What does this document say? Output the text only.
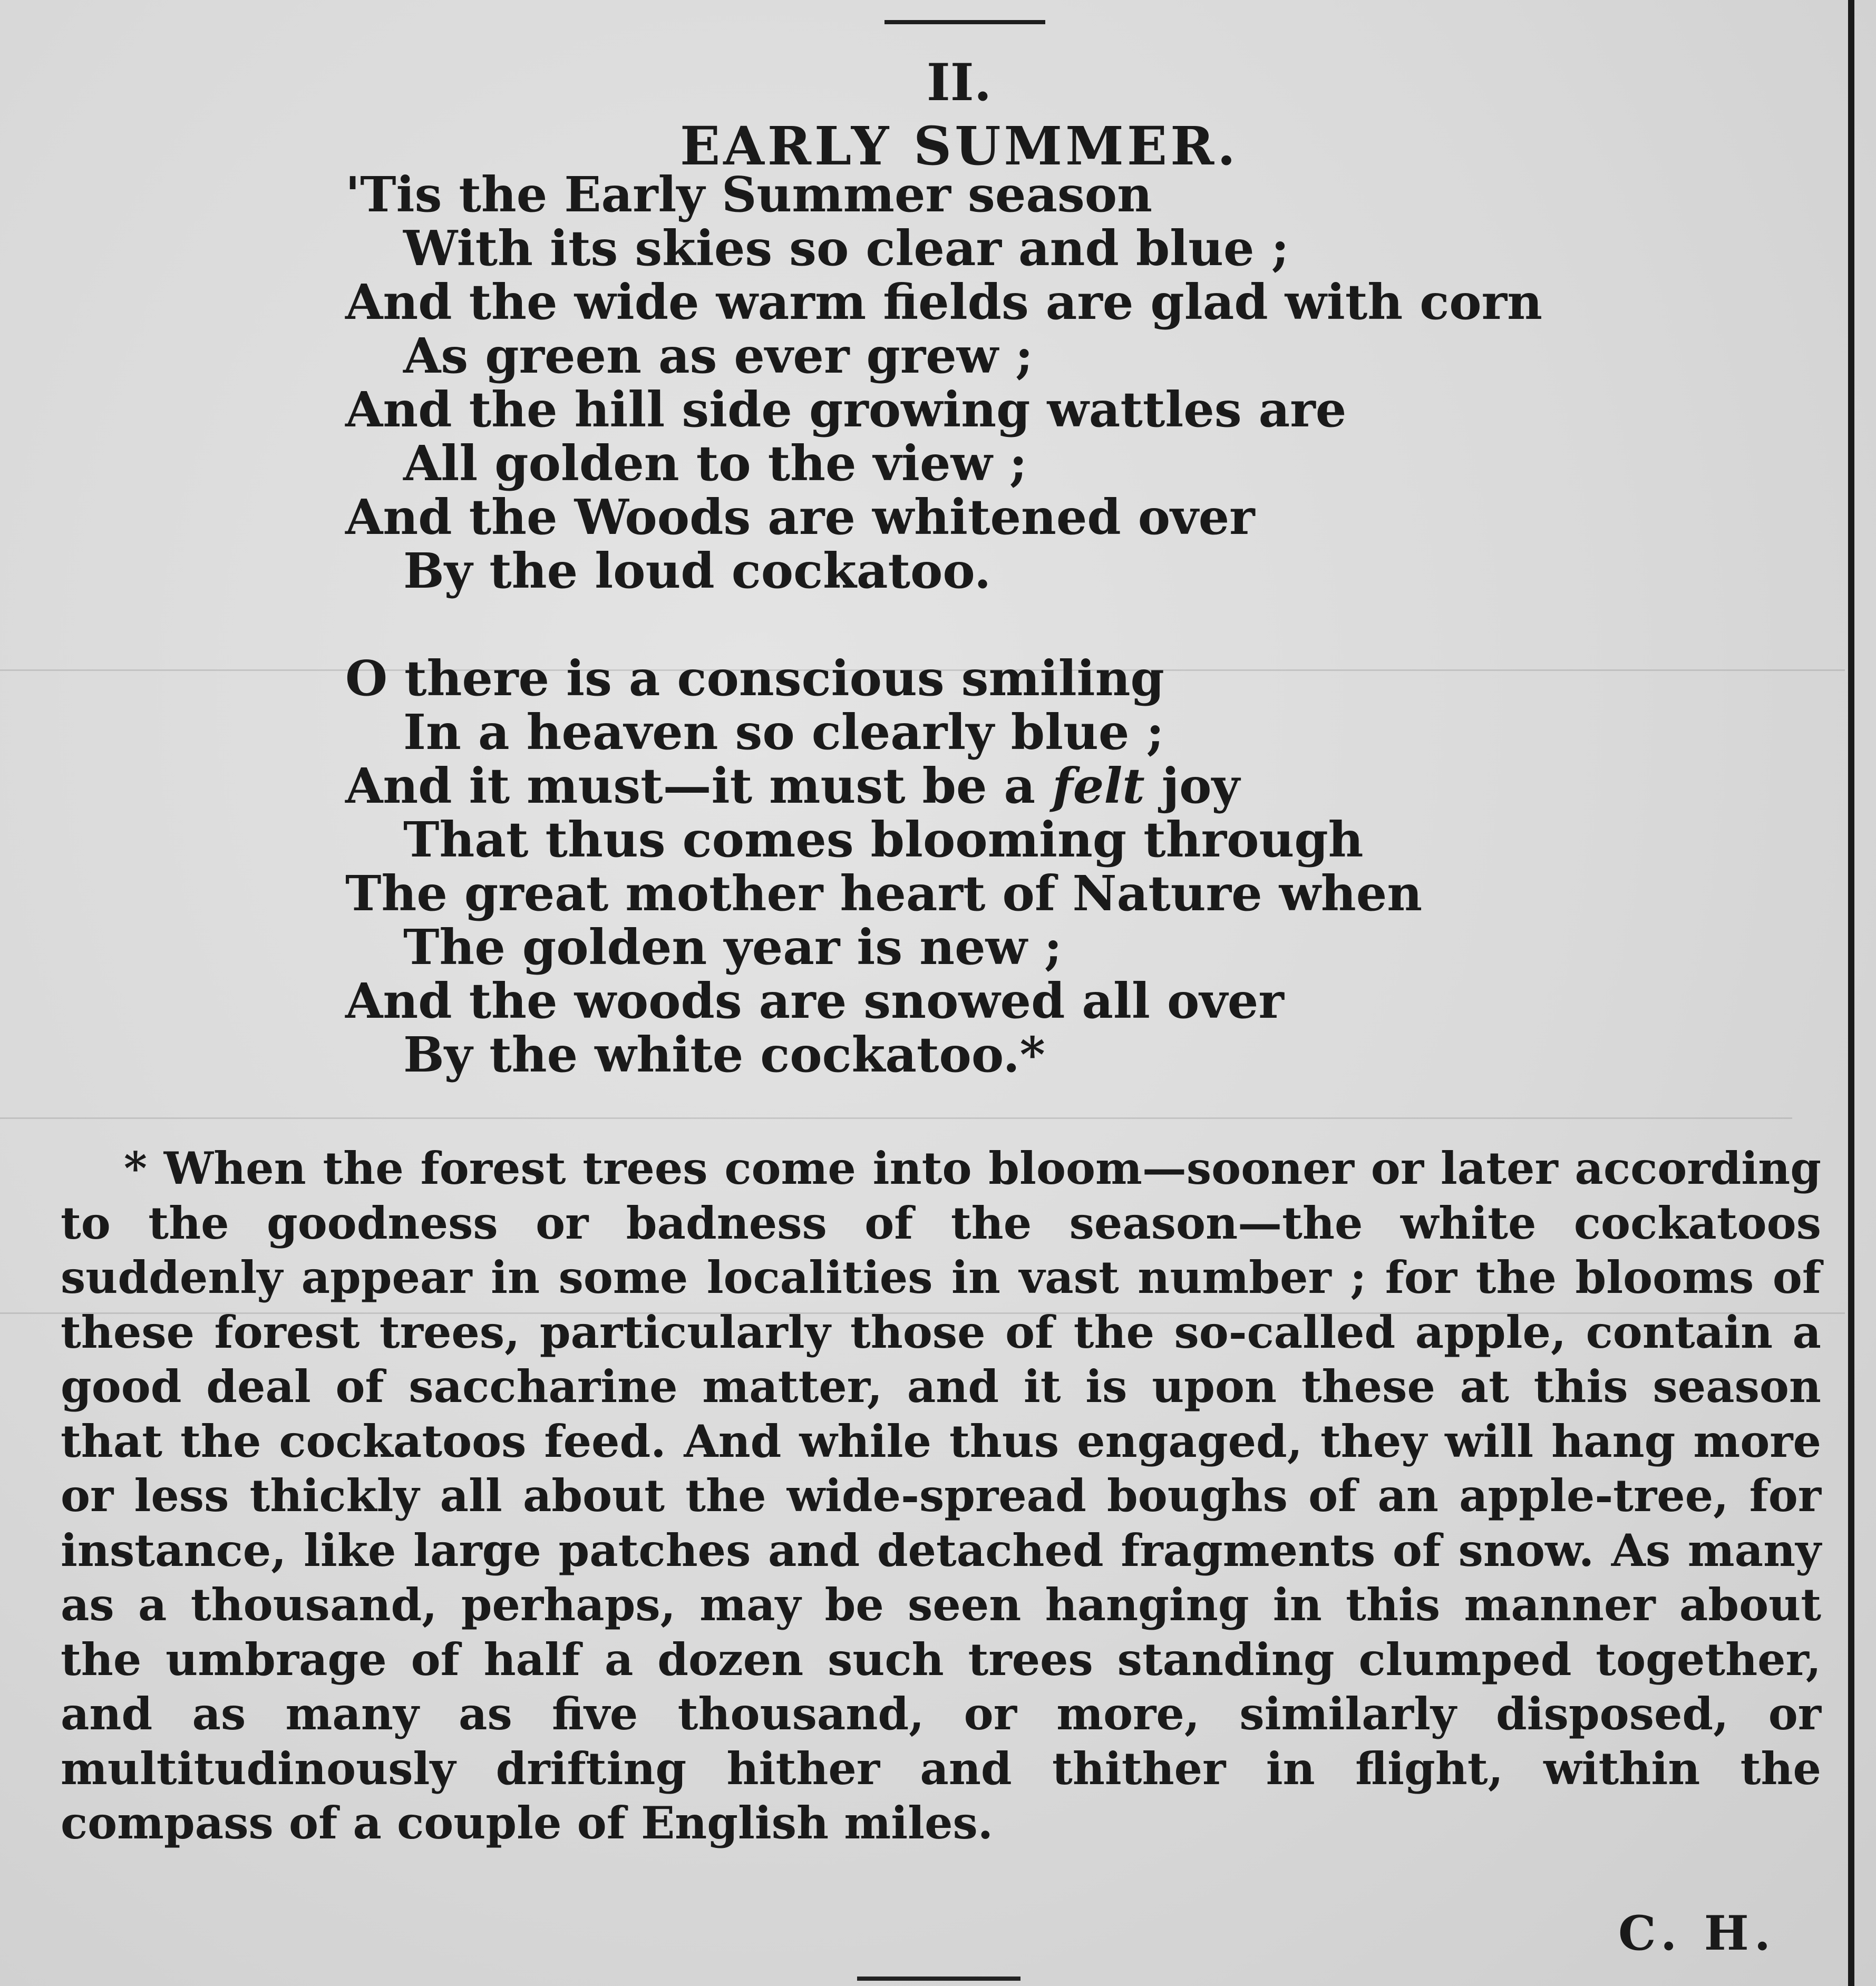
II.
EARLY SUMMER.
'Tis the Early Summer season
With its skies so clear and blue ;
And the wide warm fields are glad with corn
As green as ever grew ;
And the hill side growing wattles are
All golden to the view ;
And the Woods are whitened over
By the loud cockatoo.
O there is a conscious smiling
In a heaven so clearly blue ;
And it must—it must be a felt joy
That thus comes blooming through
The great mother heart of Nature when
The golden year is new ;
And the woods are snowed all over
By the white cockatoo.*

* When the forest trees come into bloom—sooner or later according to the goodness or badness of the season—the white cockatoos suddenly appear in some localities in vast number ; for the blooms of these forest trees, particularly those of the so-called apple, contain a good deal of saccharine matter, and it is upon these at this season that the cockatoos feed. And while thus engaged, they will hang more or less thickly all about the wide-spread boughs of an apple-tree, for instance, like large patches and detached fragments of snow. As many as a thousand, perhaps, may be seen hanging in this manner about the umbrage of half a dozen such trees standing clumped together, and as many as five thousand, or more, similarly disposed, or multitudinously drifting hither and thither in flight, within the compass of a couple of English miles.

C. H.
